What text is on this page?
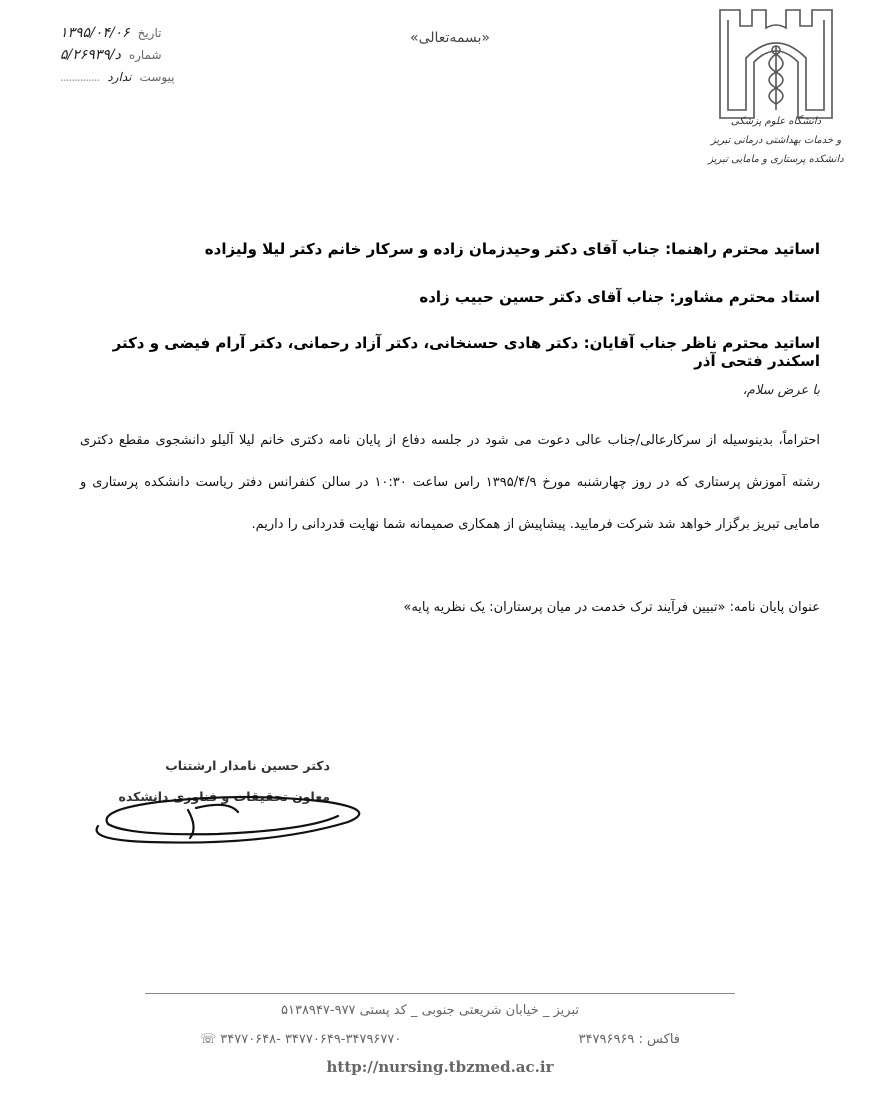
«بسمه‌تعالی»
۱۳۹۵/۰۴/۰۶ تاریخ
۵/د/۲۶۹۳۹ شماره
.............. ندارد پیوست
دانشگاه علوم پزشکی
و خدمات بهداشتی درمانی تبریز
دانشکده پرستاری و مامایی تبریز
اساتید محترم راهنما: جناب آقای دکتر وحیدزمان زاده و سرکار خانم دکتر لیلا ولیزاده
استاد محترم مشاور: جناب آقای دکتر حسین حبیب زاده
اساتید محترم ناظر جناب آقایان: دکتر هادی حسنخانی، دکتر آزاد رحمانی، دکتر آرام فیضی و دکتر اسکندر فتحی آذر
با عرض سلام،
احتراماً، بدینوسیله از سرکارعالی/جناب عالی دعوت می شود در جلسه دفاع از پایان نامه دکتری خانم لیلا آلیلو دانشجوی مقطع دکتری رشته آموزش پرستاری که در روز چهارشنبه مورخ ۱۳۹۵/۴/۹ راس ساعت ۱۰:۳۰ در سالن کنفرانس دفتر ریاست دانشکده پرستاری و مامایی تبریز برگزار خواهد شد شرکت فرمایید. پیشاپیش از همکاری صمیمانه شما نهایت قدردانی را داریم.
عنوان پایان نامه: «تبیین فرآیند ترک خدمت در میان پرستاران: یک نظریه پایه»
دکتر حسین نامدار ارشتناب
معاون تحقیقات و فناوری دانشکده
تبریز _ خیابان شریعتی جنوبی _ کد پستی ۹۷۷-۵۱۳۸۹۴۷
☏ ۳۴۷۷۰۶۴۸- ۳۴۷۷۰۶۴۹-۳۴۷۹۶۷۷۰	فاکس : ۳۴۷۹۶۹۶۹
http://nursing.tbzmed.ac.ir
